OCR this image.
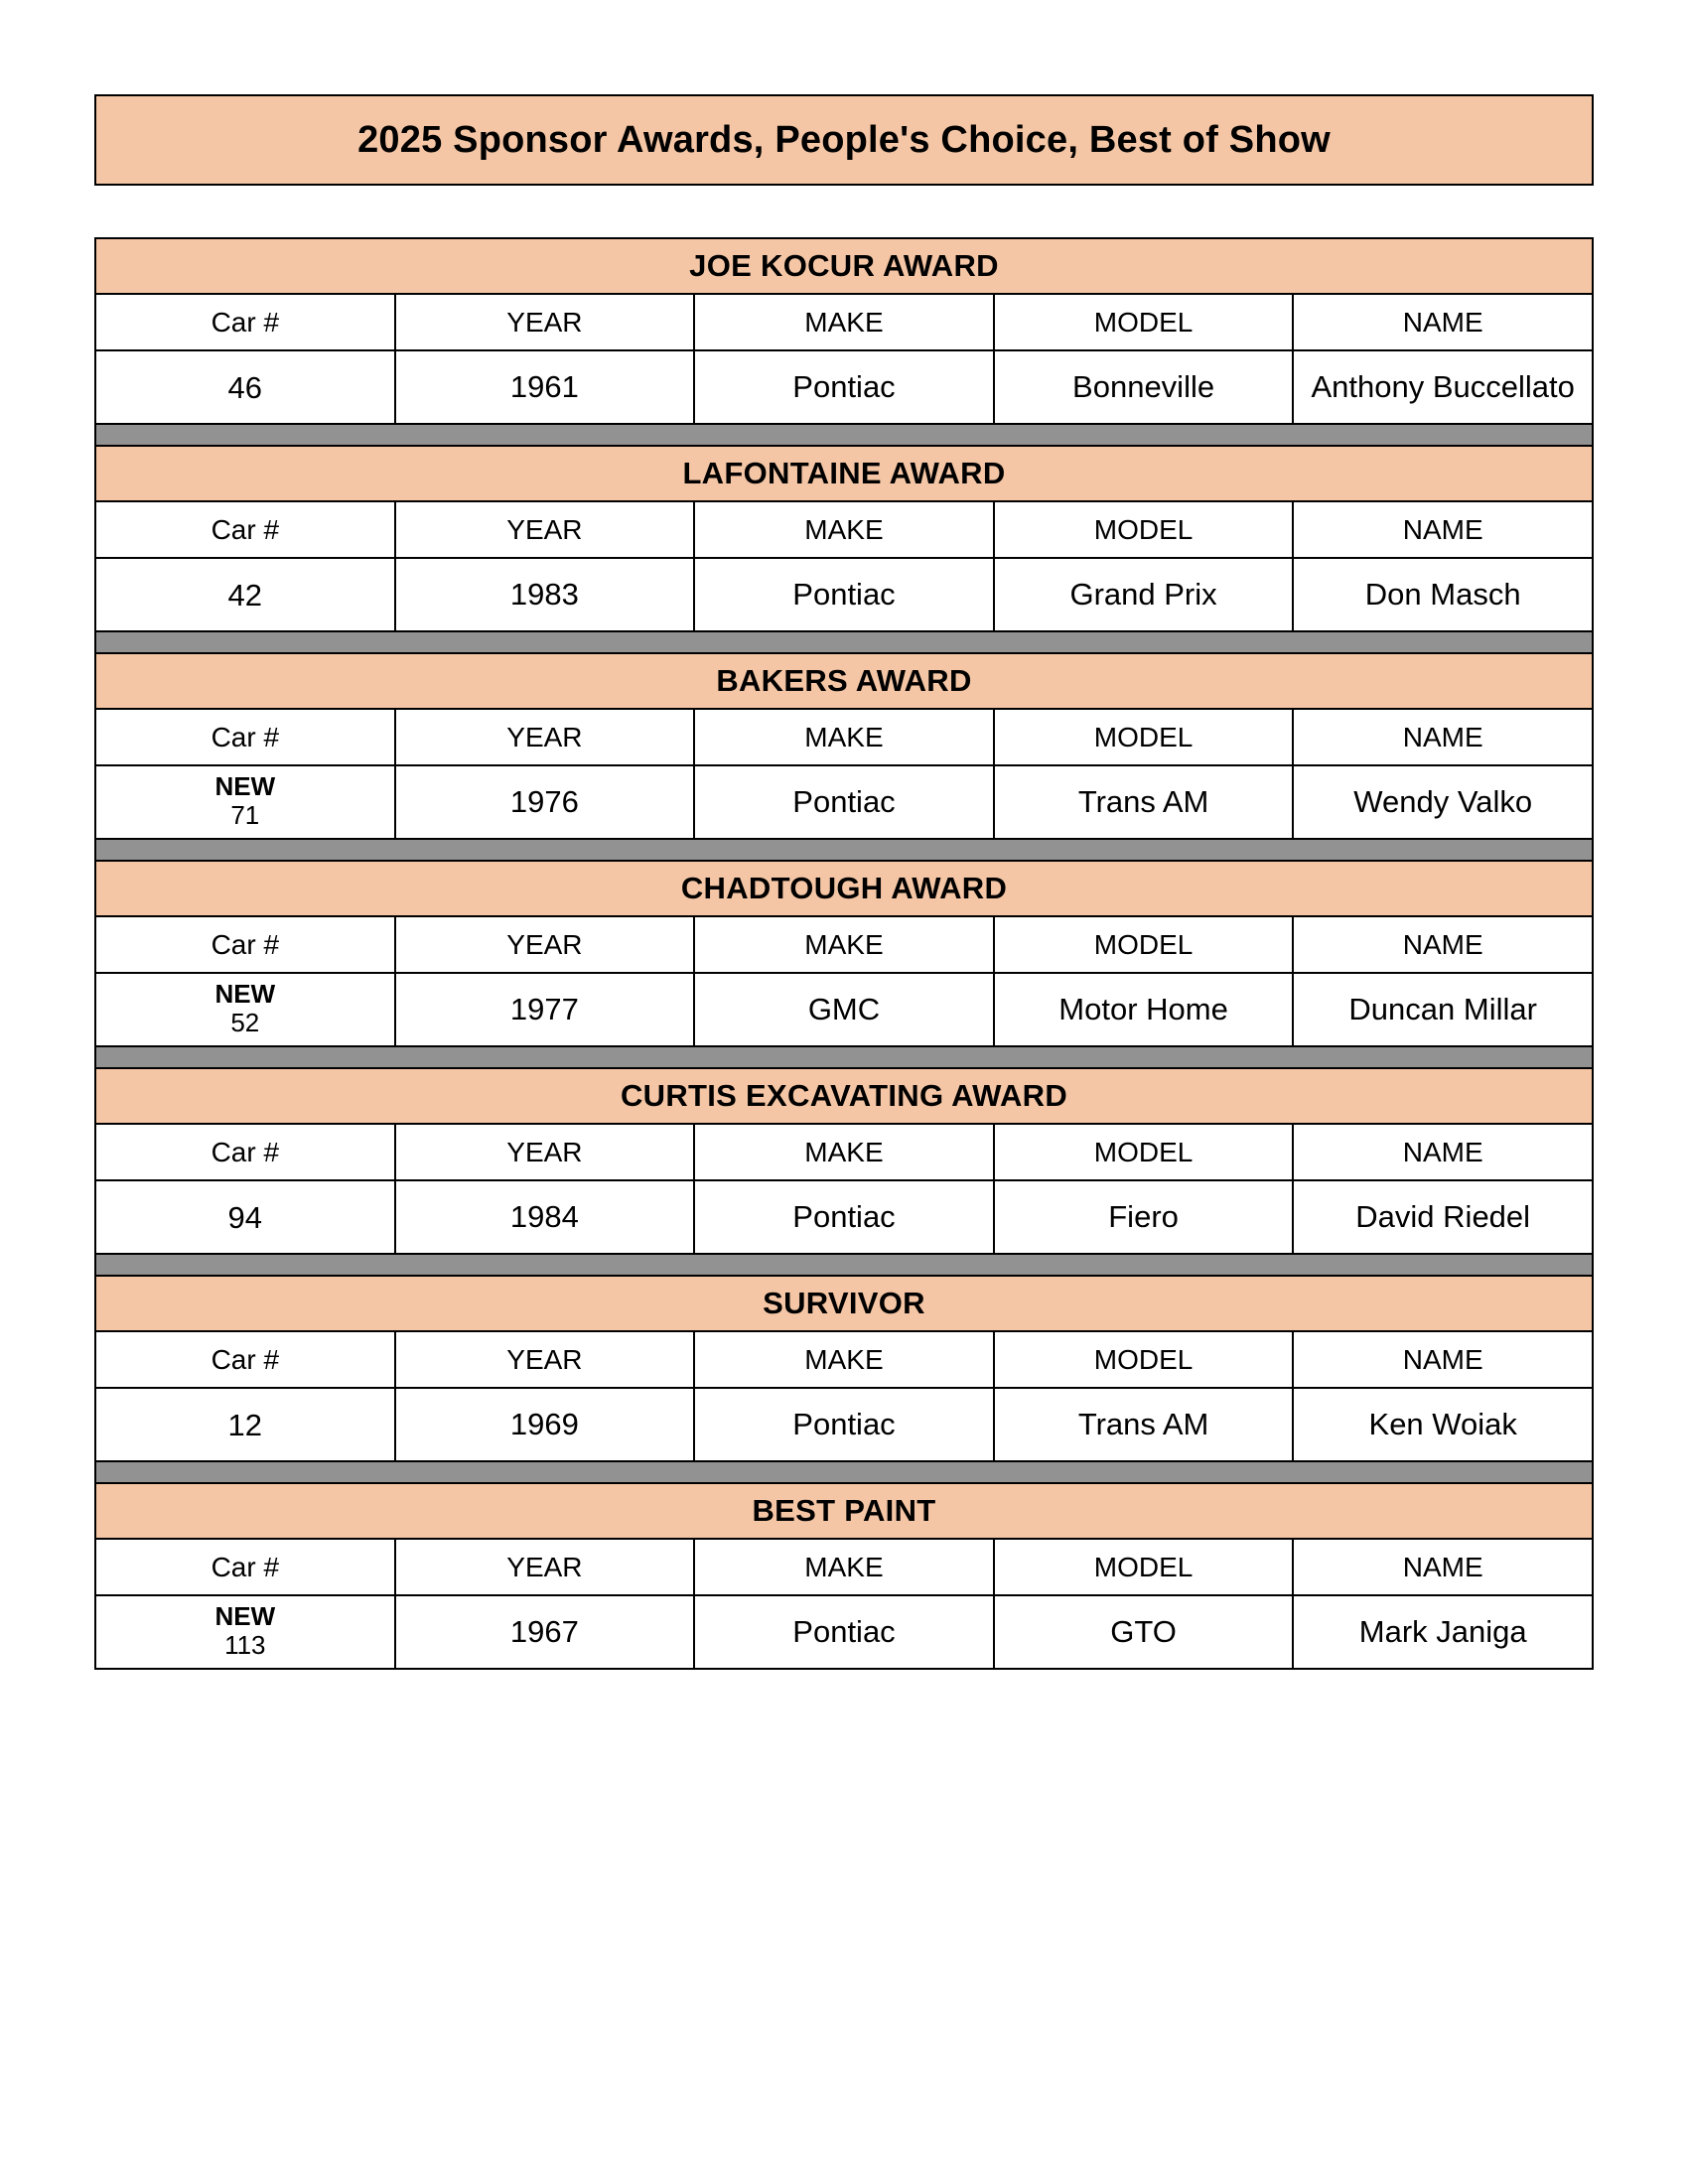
2025 Sponsor Awards, People's Choice, Best of Show
JOE KOCUR AWARD				
Car #	YEAR	MAKE	MODEL	NAME

46	1961	Pontiac	Bonneville	Anthony Buccellato
LAFONTAINE AWARD				
Car #	YEAR	MAKE	MODEL	NAME

42	1983	Pontiac	Grand Prix	Don Masch
BAKERS AWARD				
Car #	YEAR	MAKE	MODEL	NAME

NEW
71	1976	Pontiac	Trans AM	Wendy Valko
CHADTOUGH AWARD				
Car #	YEAR	MAKE	MODEL	NAME

NEW
52	1977	GMC	Motor Home	Duncan Millar
CURTIS EXCAVATING AWARD				
Car #	YEAR	MAKE	MODEL	NAME

94	1984	Pontiac	Fiero	David Riedel
SURVIVOR				
Car #	YEAR	MAKE	MODEL	NAME

12	1969	Pontiac	Trans AM	Ken Woiak
BEST PAINT				
Car #	YEAR	MAKE	MODEL	NAME

NEW
113	1967	Pontiac	GTO	Mark Janiga
